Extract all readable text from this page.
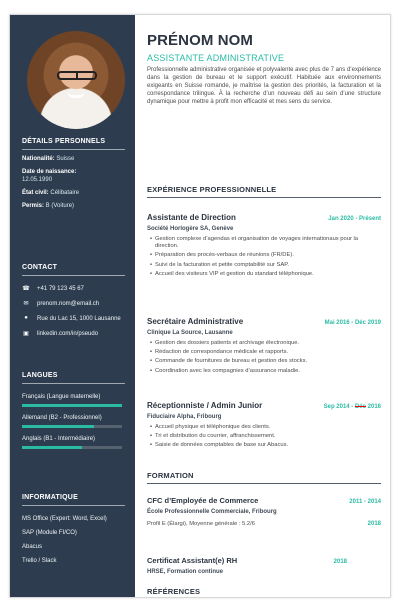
DÉTAILS PERSONNELS
Nationalité: Suisse
Date de naissance:
12.05.1990
État civil: Célibataire
Permis: B (Voiture)
CONTACT
☎ +41 79 123 45 67
✉ prenom.nom@email.ch
●	Rue du Lac 15, 1000 Lausanne
▣ linkedin.com/in/pseudo
LANGUES
Français (Langue maternelle)
Allemand (B2 - Professionnel)
Anglais (B1 - Intermédiaire)
INFORMATIQUE
MS Office (Expert: Word, Excel)
SAP (Module FI/CO)
Abacus
Trello / Slack
PRÉNOM NOM
ASSISTANTE ADMINISTRATIVE

Professionnelle administrative organisée et polyvalente avec plus de 7 ans d’expérience dans la gestion de bureau et le support exécutif. Habituée aux environnements exigeants en Suisse romande, je maîtrise la gestion des priorités, la facturation et la correspondance trilingue. À la recherche d’un nouveau défi au sein d’une structure dynamique pour mettre à profit mon efficacité et mes sens du service.

EXPÉRIENCE PROFESSIONNELLE
Assistante de Direction	Jan 2020 - Présent
Société Horlogère SA, Genève
• Gestion complexe d’agendas et organisation de voyages internationaux pour la direction.
• Préparation des procès-verbaux de réunions (FR/DE).
• Suivi de la facturation et petite comptabilité sur SAP.
• Accueil des visiteurs VIP et gestion du standard téléphonique.
Secrétaire Administrative	Mai 2016 - Déc 2019
Clinique La Source, Lausanne
• Gestion des dossiers patients et archivage électronique.
• Rédaction de correspondance médicale et rapports.
• Commande de fournitures de bureau et gestion des stocks.
• Coordination avec les compagnies d’assurance maladie.
Réceptionniste / Admin Junior	Sep 2014 - Déc 2016
Fiduciaire Alpha, Fribourg
• Accueil physique et téléphonique des clients.
• Tri et distribution du courrier, affranchissement.
• Saisie de données comptables de base sur Abacus.
FORMATION
CFC d’Employée de Commerce	2011 - 2014
École Professionnelle Commerciale, Fribourg
Profil E (Élargi), Moyenne générale : 5.2/6	2018
Certificat Assistant(e) RH	2018
HRSE, Formation continue
RÉFÉRENCES
